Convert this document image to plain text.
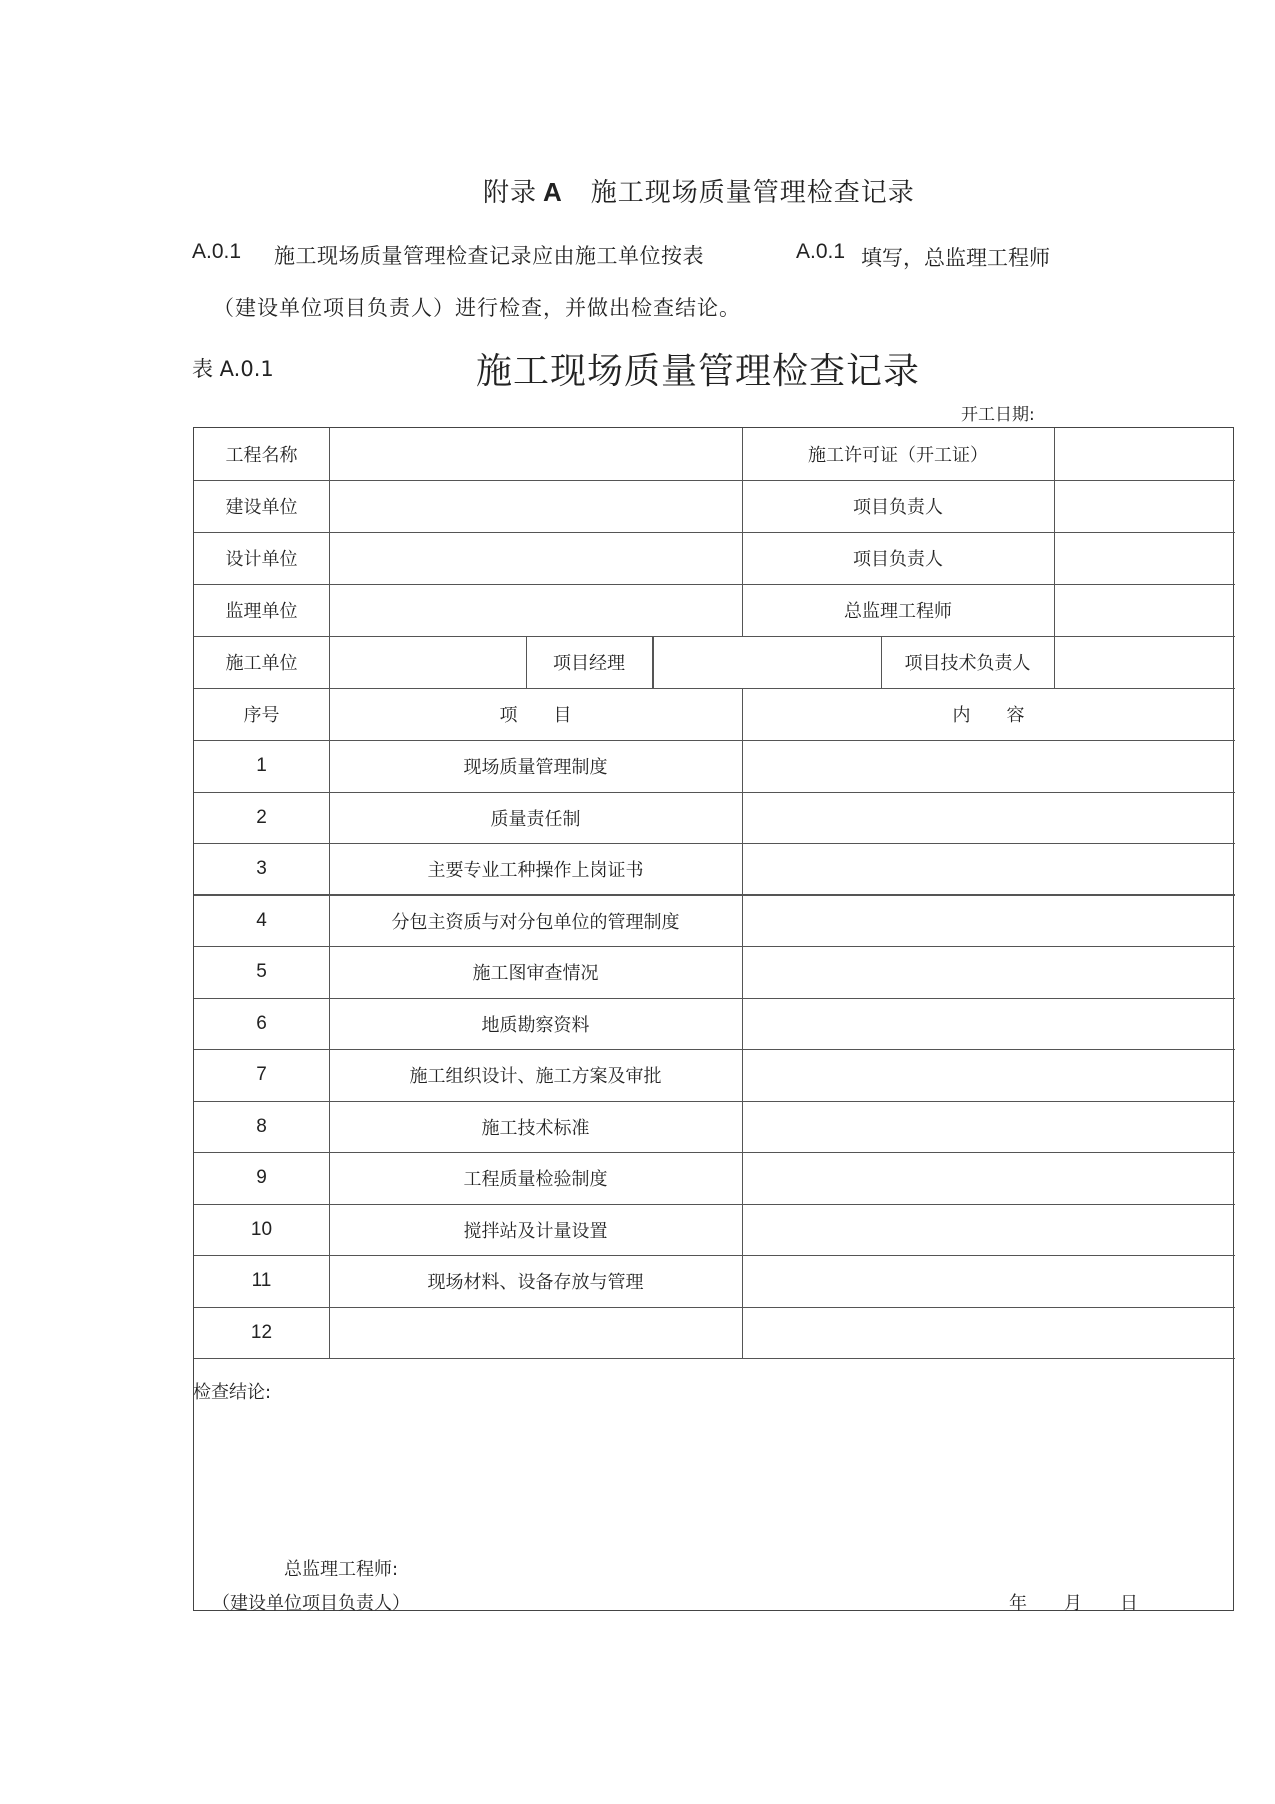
附录 A 施工现场质量管理检查记录
A.0.1 施工现场质量管理检查记录应由施工单位按表	A.0.1 填写，总监理工程师
（建设单位项目负责人）进行检查，并做出检查结论。
表 A.0.1	施工现场质量管理检查记录
开工日期:
工程名称	施工许可证（开工证）
建设单位	项目负责人
设计单位	项目负责人
监理单位	总监理工程师
施工单位	项目经理	项目技术负责人
序号	项　　目	内　　容
1	现场质量管理制度
2	质量责任制
3	主要专业工种操作上岗证书
4	分包主资质与对分包单位的管理制度
5	施工图审查情况
6	地质勘察资料
7	施工组织设计、施工方案及审批
8	施工技术标准
9	工程质量检验制度
10	搅拌站及计量设置
11	现场材料、设备存放与管理
12
检查结论:
总监理工程师:
（建设单位项目负责人）	年 月 日
